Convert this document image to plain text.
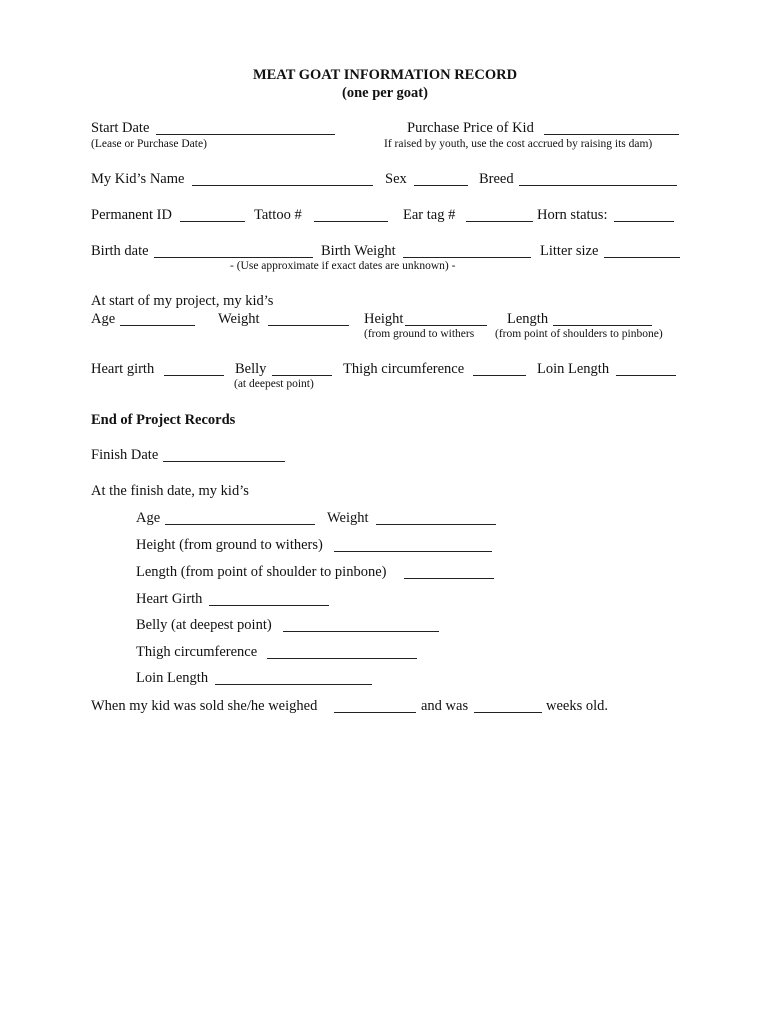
MEAT GOAT INFORMATION RECORD
(one per goat)
Start Date
(Lease or Purchase Date)
Purchase Price of Kid
If raised by youth, use the cost accrued by raising its dam)
My Kid’s Name	Sex	Breed
Permanent ID	Tattoo #	Ear tag #	Horn status:
Birth date	Birth Weight	Litter size
- (Use approximate if exact dates are unknown) -
At start of my project, my kid’s
Age	Weight	Height	Length
(from ground to withers (from point of shoulders to pinbone)
Heart girth	Belly	Thigh circumference	Loin Length
(at deepest point)
End of Project Records
Finish Date
At the finish date, my kid’s
Age	Weight
Height (from ground to withers)
Length (from point of shoulder to pinbone)
Heart Girth
Belly (at deepest point)
Thigh circumference
Loin Length
When my kid was sold she/he weighed	and was	weeks old.
